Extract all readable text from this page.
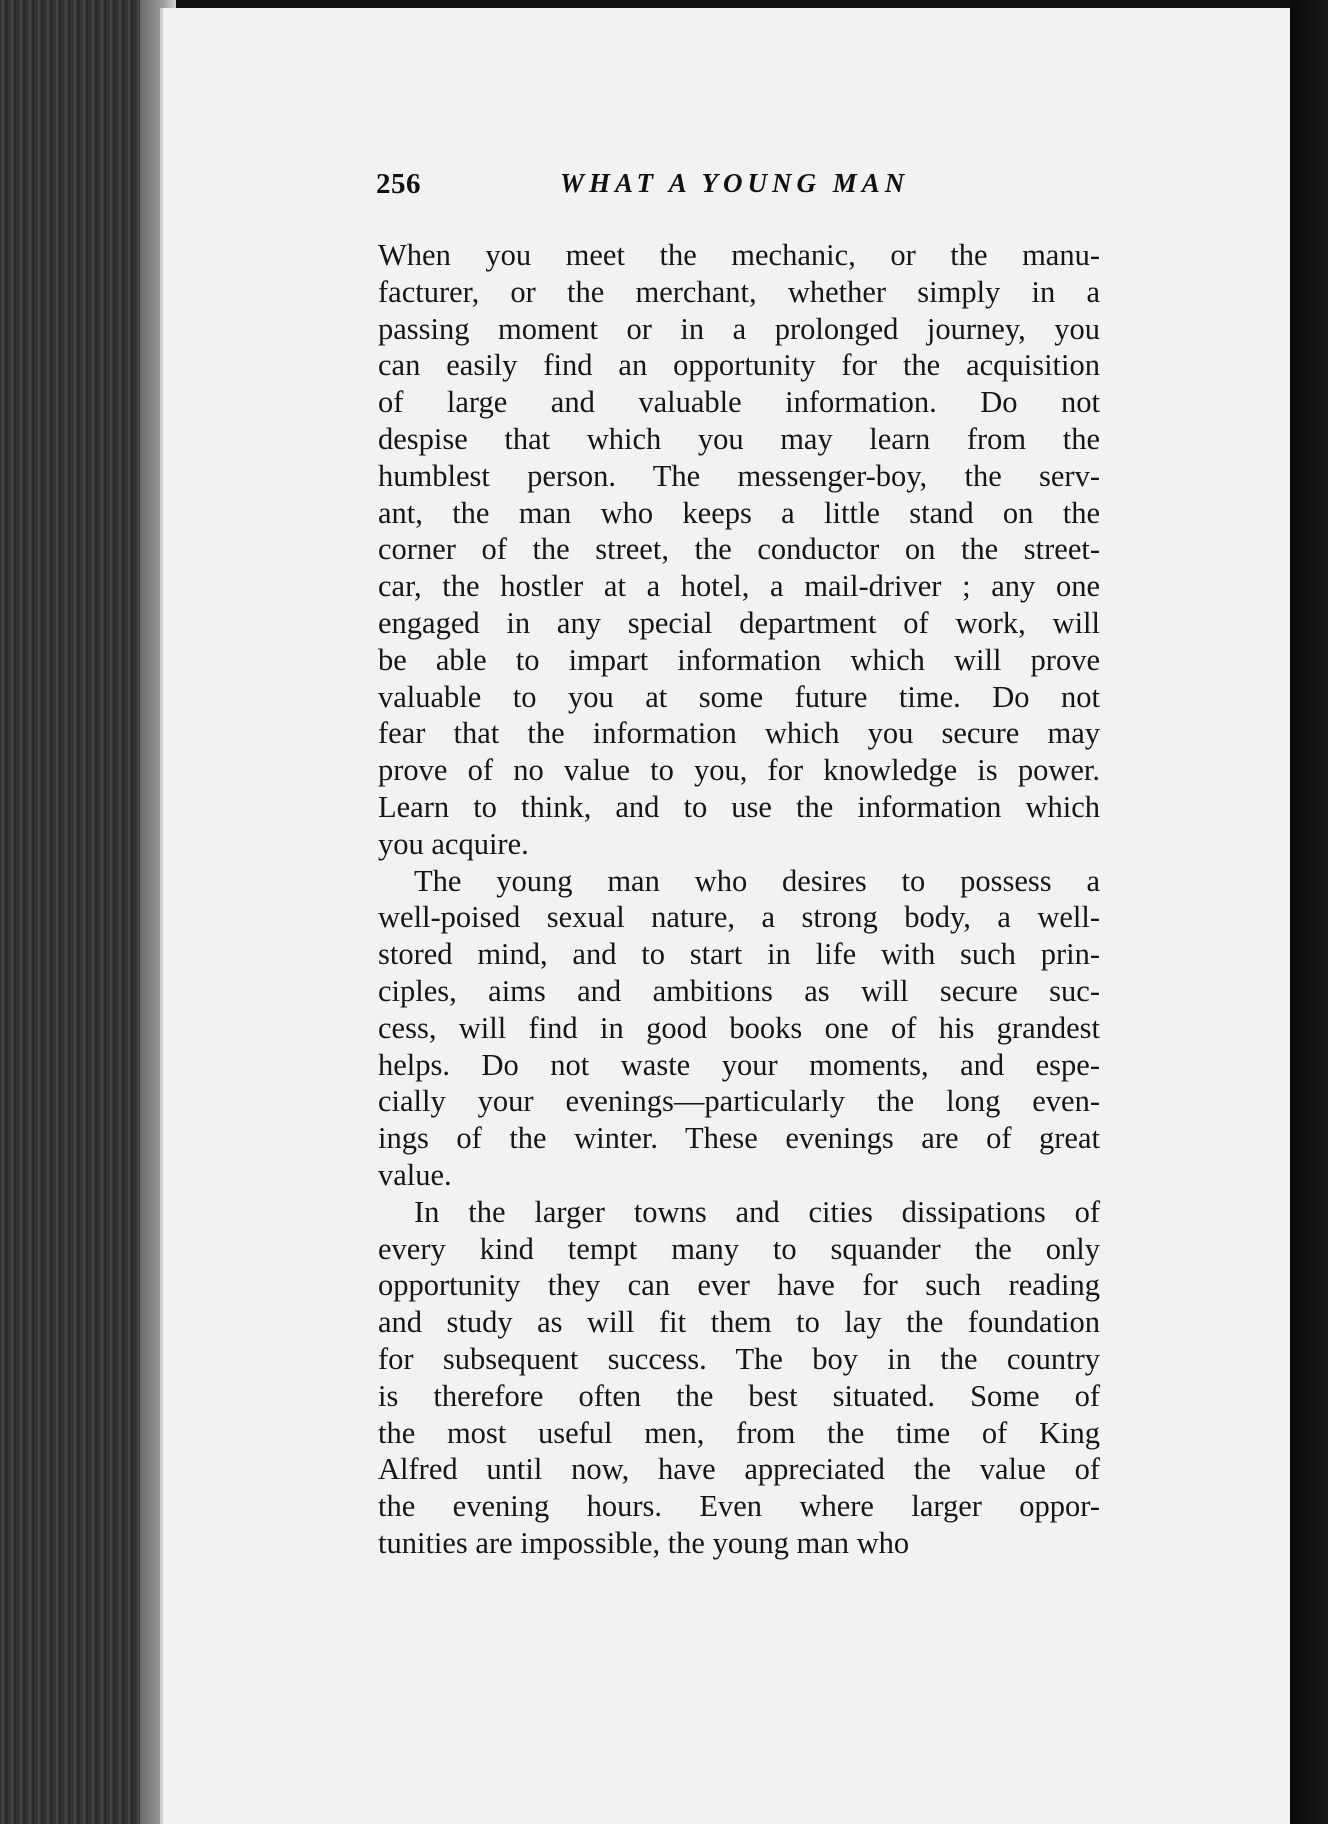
256	WHAT A YOUNG MAN
When you meet the mechanic, or the manu-
facturer, or the merchant, whether simply in a
passing moment or in a prolonged journey, you
can easily find an opportunity for the acquisition
of large and valuable information. Do not
despise that which you may learn from the
humblest person. The messenger-boy, the serv-
ant, the man who keeps a little stand on the
corner of the street, the conductor on the street-
car, the hostler at a hotel, a mail-driver ; any one
engaged in any special department of work, will
be able to impart information which will prove
valuable to you at some future time. Do not
fear that the information which you secure may
prove of no value to you, for knowledge is power.
Learn to think, and to use the information which
you acquire.
The young man who desires to possess a
well-poised sexual nature, a strong body, a well-
stored mind, and to start in life with such prin-
ciples, aims and ambitions as will secure suc-
cess, will find in good books one of his grandest
helps. Do not waste your moments, and espe-
cially your evenings—particularly the long even-
ings of the winter. These evenings are of great
value.
In the larger towns and cities dissipations of
every kind tempt many to squander the only
opportunity they can ever have for such reading
and study as will fit them to lay the foundation
for subsequent success. The boy in the country
is therefore often the best situated. Some of
the most useful men, from the time of King
Alfred until now, have appreciated the value of
the evening hours. Even where larger oppor-
tunities are impossible, the young man who
